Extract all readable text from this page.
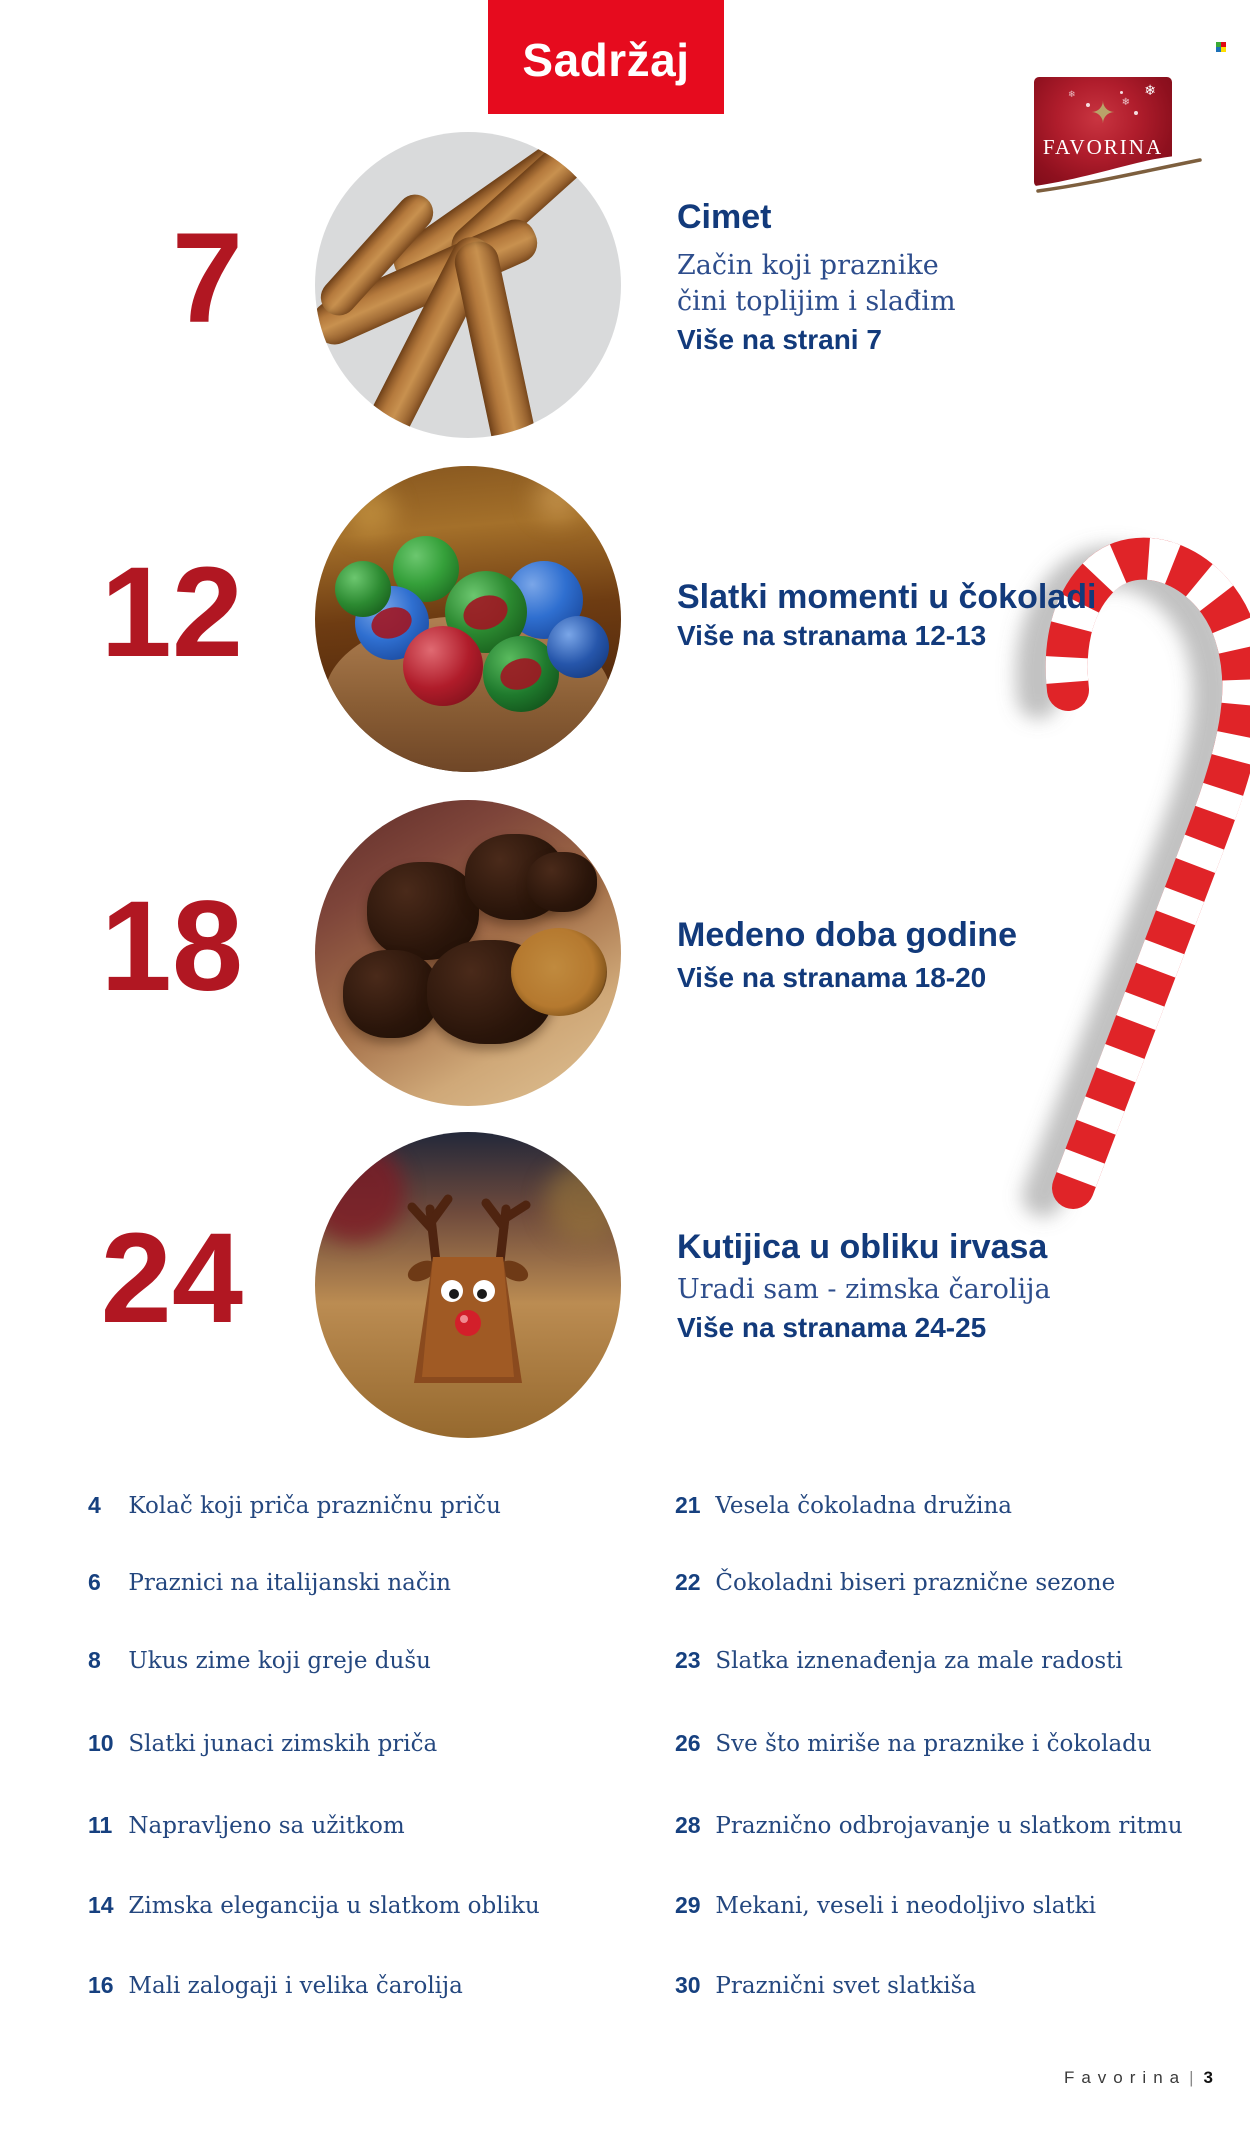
Sadržaj
❄
❄
❄
✦
FAVORINA
7	Cimet
Začin koji praznike
čini toplijim i slađim
Više na strani 7
12	Slatki momenti u čokoladi
Više na stranama 12-13
18	Medeno doba godine
Više na stranama 18-20
24	Kutijica u obliku irvasa
Uradi sam - zimska čarolija
Više na stranama 24-25
4 Kolač koji priča prazničnu priču
6 Praznici na italijanski način
8 Ukus zime koji greje dušu
10 Slatki junaci zimskih priča
11 Napravljeno sa užitkom
14 Zimska elegancija u slatkom obliku
16 Mali zalogaji i velika čarolija
21 Vesela čokoladna družina
22 Čokoladni biseri praznične sezone
23 Slatka iznenađenja za male radosti
26 Sve što miriše na praznike i čokoladu
28 Praznično odbrojavanje u slatkom ritmu
29 Mekani, veseli i neodoljivo slatki
30 Praznični svet slatkiša
Favorina | 3
